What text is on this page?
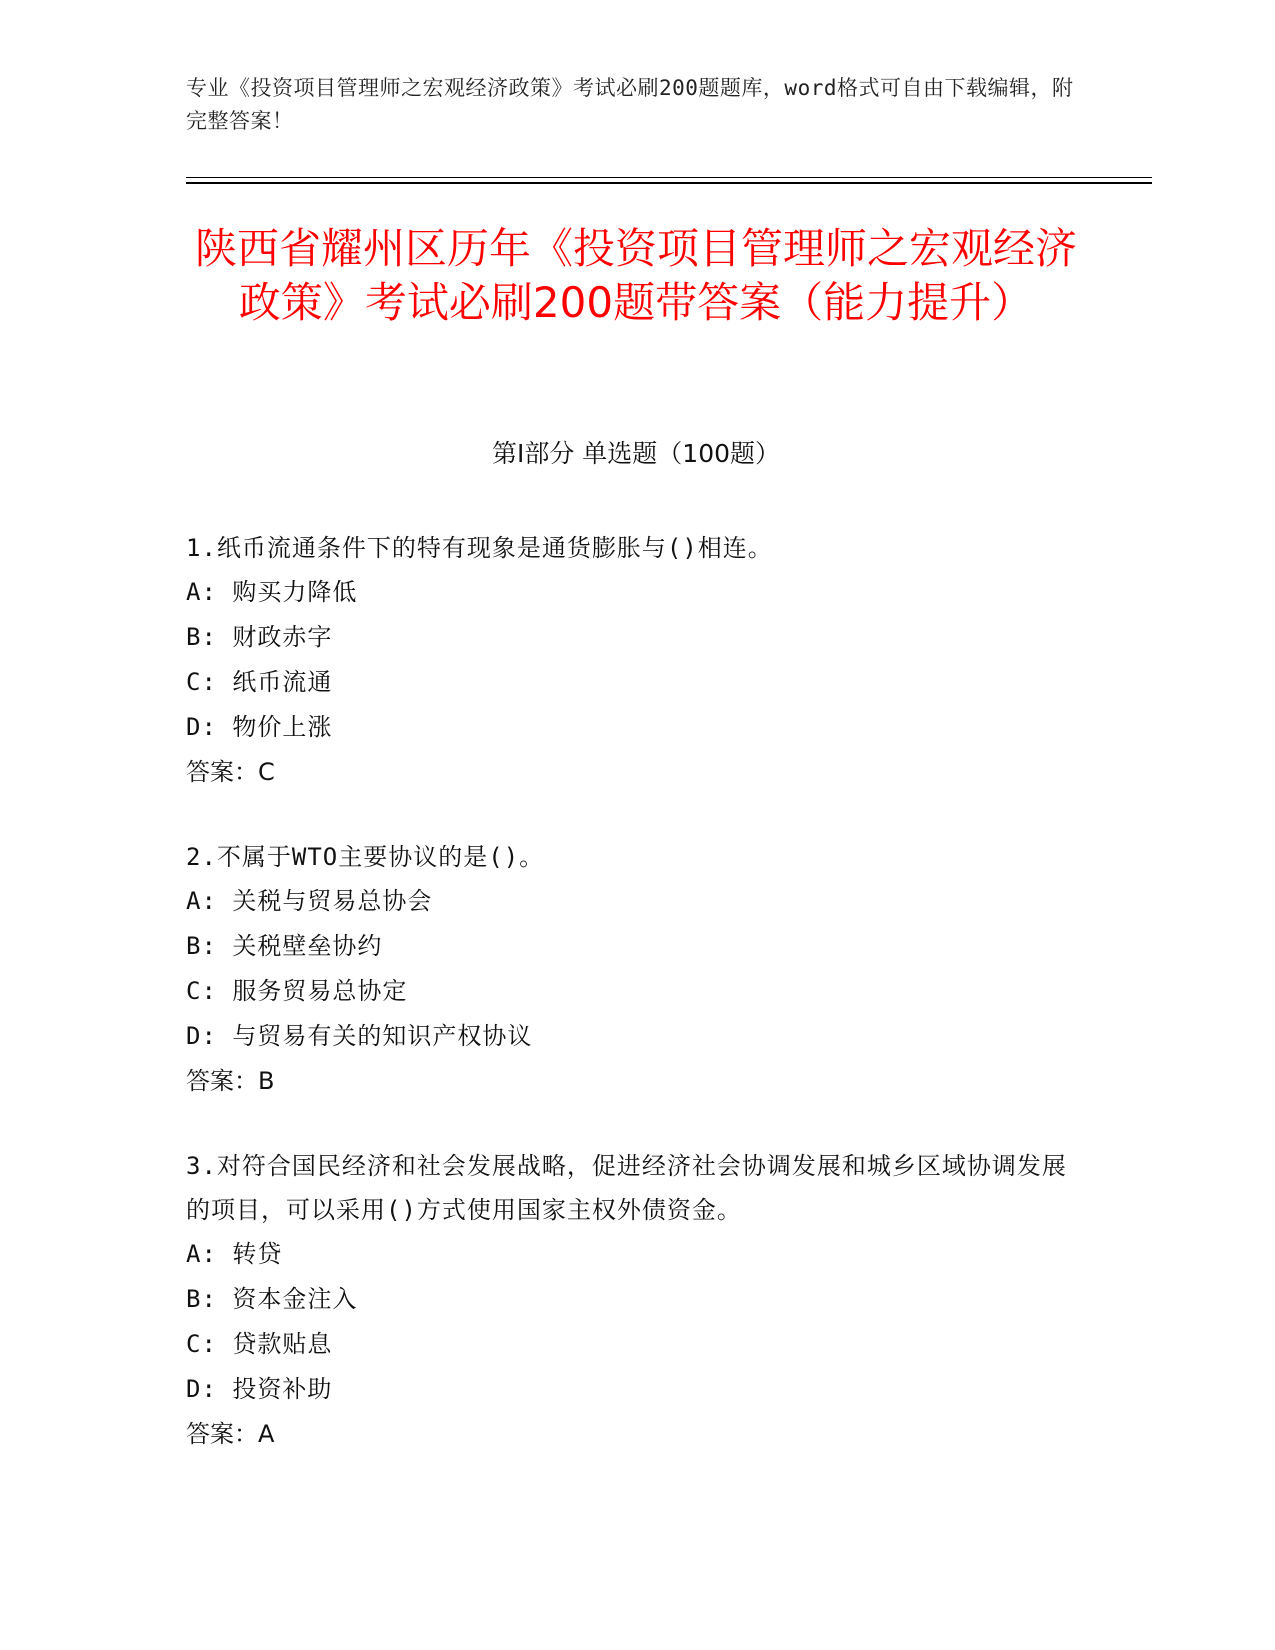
专业《投资项目管理师之宏观经济政策》考试必刷200题题库，word格式可自由下载编辑，附完整答案！
陕西省耀州区历年《投资项目管理师之宏观经济政策》考试必刷200题带答案（能力提升）
第I部分 单选题（100题）
1.纸币流通条件下的特有现象是通货膨胀与()相连。
A: 购买力降低
B: 财政赤字
C: 纸币流通
D: 物价上涨
答案：C
2.不属于WTO主要协议的是()。
A: 关税与贸易总协会
B: 关税壁垒协约
C: 服务贸易总协定
D: 与贸易有关的知识产权协议
答案：B
3.对符合国民经济和社会发展战略，促进经济社会协调发展和城乡区域协调发展的项目，可以采用()方式使用国家主权外债资金。
A: 转贷
B: 资本金注入
C: 贷款贴息
D: 投资补助
答案：A
